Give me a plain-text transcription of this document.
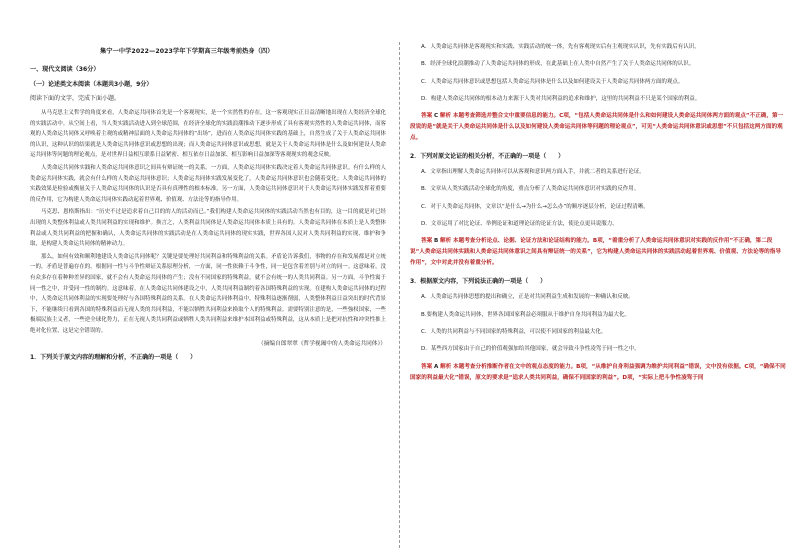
集宁一中学2022—2023学年下学期高三年级考前热身（四）
一、现代文阅读（36分）
（一）论述类文本阅读（本题共3小题，9分）
阅读下面的文字，完成下面小题。

从马克思主义哲学的角度来看，人类命运共同体首先是一个客观现实，是一个实然性的存在，这一客观现实正日益清晰地出现在人类经济全球化的实践活动中。从空间上看，当人类实践活动进入到全球范围，在经济全球化的实践浪潮推动下逐步形成了具有客观实然性的人类命运共同体，而客观的人类命运共同体又呼唤着主观的或精神层面的人类命运共同体的“出场”，进而在人类命运共同体实践的基础上，自然生成了关于人类命运共同体的认识，这种认识的结果就是人类命运共同体意识或思想的出现；而人类命运共同体意识或思想，就是关于人类命运共同体是什么及如何建设人类命运共同体等问题的理论观点，是对世界日益相互联系日益紧密、相互依存日益加深、相互影响日益加深等客观现实的观念反映。

人类命运共同体实践和人类命运共同体意识之间具有辩证统一的关系。一方面，人类命运共同体实践决定着人类命运共同体意识。有什么样的人类命运共同体实践，就会有什么样的人类命运共同体意识；人类命运共同体实践发展变化了，人类命运共同体意识也会随着变化；人类命运共同体的实践效果是检验或衡量关于人类命运共同体的认识是否具有真理性的根本标准。另一方面，人类命运共同体意识对于人类命运共同体实践发挥着重要的反作用，它为构建人类命运共同体实践动起着世界观、价值观、方法论等的指导作用。

马克思、恩格斯指出：“历史不过是追求着自己目的的人的活动而已。”我们构建人类命运共同体的实践活动当然也有目的，这一目的就是对已经出现的人类整体利益或人类共同利益的实现和维护。换言之，人类利益共同体是人类命运共同体本质上具有的。人类命运共同体在本质上是人类整体利益或人类共同利益的把握和确认，人类命运共同体的实践活动是在人类命运共同体的现实实践，世界各国人民对人类共同利益的实现、维护和争取，是构建人类命运共同体的精神动力。

那么，如何有效和顺利地建设人类命运共同体呢？关键是要处理好共同利益和特殊利益的关系。矛盾论告诉我们，事物的存在和发展都是对立统一的，矛盾是普遍存在的。根据同一性与斗争性辩证关系原理分析，一方面，同一性依赖于斗争性，同一是包含着差别与对立的同一。这意味着，没有众多存在着种种差异的国家，就不会有人类命运共同体的产生；没有不同国家的特殊利益，就不会有统一的人类共同利益。另一方面，斗争性寓于同一性之中，并受同一性的制约。这意味着，在人类命运共同体建设之中，人类共同利益制约着各国特殊利益的实现。在建构人类命运共同体的过程中，人类命运共同体利益的实现要处理好与各国特殊利益的关系。在人类命运共同体利益中，特殊利益逐渐削弱，人类整体利益日益突出的时代背景下，不能继续只看到各国的特殊利益而无视人类的共同利益，不能以牺牲共同利益来换取个人的特殊利益。需要特别注意的是，一些強权国家，一些极端民族主义者，一些逆全球化势力，正在无视人类共同利益或牺牲人类共同利益来维护本国利益或特殊利益，这从本质上是把对抗性和冲突性推上绝对化位置，这是完全错误的。

（摘编自郎翠翠《哲学视阈中的人类命运共同体》）
1．下列关于原文内容的理解和分析，不正确的一项是（　　）

A．人类命运共同体是客观现实和实践、实践活动的统一体，先有客观现实后有主观现实认识，先有实践后有认识。

B．经济全球化浪潮推动了人类命运共同体的形成，在此基础上在人类中自然产生了关于人类命运共同体的认识。

C．人类命运共同体意识或思想包括人类命运共同体是什么以及如何建设关于人类命运共同体两方面的观点。

D．构建人类命运共同体的根本动力来源于人类对共同利益的追求和维护，这里的共同利益不只是某个国家的利益。

答案 C 解析 本题考查筛选并整合文中重要信息的能力。C项，“包括人类命运共同体是什么和如何建设人类命运共同体两方面的观点”不正确，第一段说的是“就是关于人类命运共同体是什么以及如何建设人类命运共同体等问题的理论观点”，可见“人类命运共同体意识或思想”不只包括这两方面的观点。

2．下列对原文论证的相关分析，不正确的一项是（　　）

A．文章指出理解人类命运共同体可以从客观和意识两方面入手，并就二者的关系进行论证。

B．文章从人类实践活动全球化的角度，重点分析了人类命运共同体意识对实践的反作用。

C．对于人类命运共同体，文章以“是什么→为什么→怎么办”的顺序逐层分析，论证过程清晰。

D．文章运用了对比论证、举例论证和道理论证的论证方法，使论点更具说服力。

答案 B 解析 本题考查分析论点、论据、论证方法和论证结构的能力。B项，“着重分析了人类命运共同体意识对实践的反作用”不正确，第二段说“人类命运共同体实践和人类命运共同体意识之间具有辩证统一的关系”，它为构建人类命运共同体的实践活动起着世界观、价值观、方法论等的指导作用”，文中对此并没有着重分析。

3．根据原文内容，下列说法正确的一项是（　　）

A．人类命运共同体思想的提出和确立，正是对共同利益生成和发展的一种确认和反映。

B.要构建人类命运共同体，世界各国国家利益必须服从于维护自身共同利益为最大化。

C．人类的共同利益与不同国家的特殊利益，可以使不同国家的利益最大化。

D．某些西方国家由于自己的价值观强加给其他国家，就会导致斗争性凌驾于同一性之中。

答案 A 解析 本题考查分析推断作者在文中的观点态度的能力。B项，“从维护自身利益强调为维护共同利益”错误，文中没有依据。C项，“确保不同国家的利益最大化”错误，原文的要求是“追求人类共同利益，确保不同国家的利益”。D项，“实际上把斗争性凌驾于同
